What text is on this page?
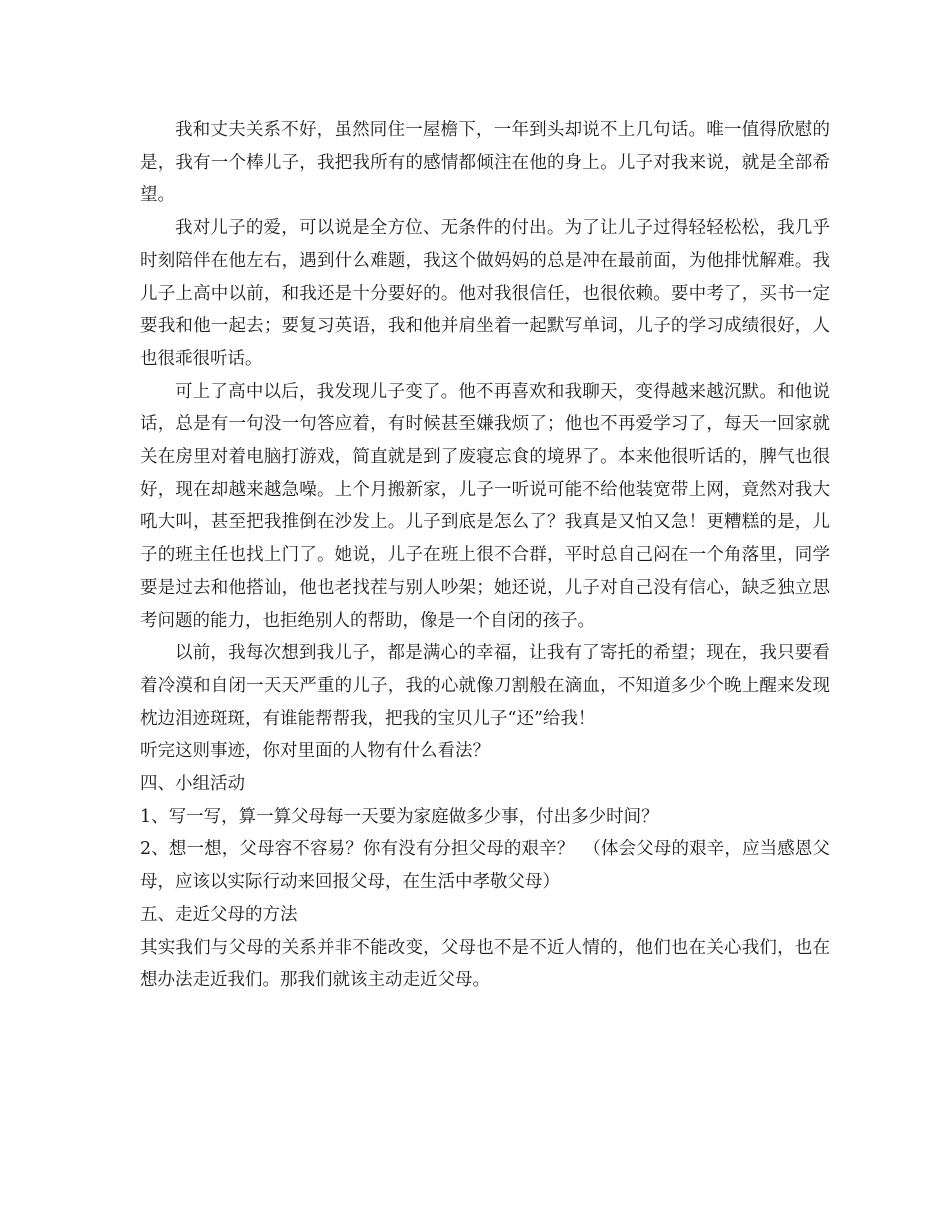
我和丈夫关系不好，虽然同住一屋檐下，一年到头却说不上几句话。唯一值得欣慰的是，我有一个棒儿子，我把我所有的感情都倾注在他的身上。儿子对我来说，就是全部希望。

我对儿子的爱，可以说是全方位、无条件的付出。为了让儿子过得轻轻松松，我几乎时刻陪伴在他左右，遇到什么难题，我这个做妈妈的总是冲在最前面，为他排忧解难。我儿子上高中以前，和我还是十分要好的。他对我很信任，也很依赖。要中考了，买书一定要我和他一起去；要复习英语，我和他并肩坐着一起默写单词，儿子的学习成绩很好，人也很乖很听话。

可上了高中以后，我发现儿子变了。他不再喜欢和我聊天，变得越来越沉默。和他说话，总是有一句没一句答应着，有时候甚至嫌我烦了；他也不再爱学习了，每天一回家就关在房里对着电脑打游戏，简直就是到了废寝忘食的境界了。本来他很听话的，脾气也很好，现在却越来越急噪。上个月搬新家，儿子一听说可能不给他装宽带上网，竟然对我大吼大叫，甚至把我推倒在沙发上。儿子到底是怎么了？我真是又怕又急！更糟糕的是，儿子的班主任也找上门了。她说，儿子在班上很不合群，平时总自己闷在一个角落里，同学要是过去和他搭讪，他也老找茬与别人吵架；她还说，儿子对自己没有信心，缺乏独立思考问题的能力，也拒绝别人的帮助，像是一个自闭的孩子。

以前，我每次想到我儿子，都是满心的幸福，让我有了寄托的希望；现在，我只要看着冷漠和自闭一天天严重的儿子，我的心就像刀割般在滴血，不知道多少个晚上醒来发现枕边泪迹斑斑，有谁能帮帮我，把我的宝贝儿子“还”给我！

听完这则事迹，你对里面的人物有什么看法？

四、小组活动

1、写一写，算一算父母每一天要为家庭做多少事，付出多少时间？

2、想一想，父母容不容易？你有没有分担父母的艰辛？　（体会父母的艰辛，应当感恩父母，应该以实际行动来回报父母，在生活中孝敬父母）

五、走近父母的方法

其实我们与父母的关系并非不能改变，父母也不是不近人情的，他们也在关心我们，也在想办法走近我们。那我们就该主动走近父母。
